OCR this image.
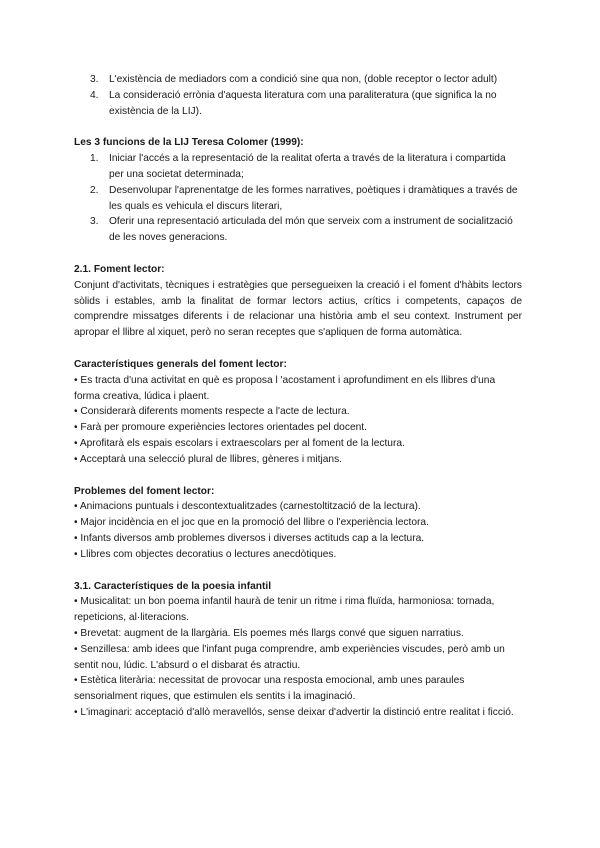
3.	L'existència de mediadors com a condició sine qua non, (doble receptor o lector adult)
4.	La consideració errònia d'aquesta literatura com una paraliteratura (que significa la no existència de la LIJ).
Les 3 funcions de la LIJ Teresa Colomer (1999):
1.	Iniciar l'accés a la representació de la realitat oferta a través de la literatura i compartida per una societat determinada;
2.	Desenvolupar l'aprenentatge de les formes narratives, poètiques i dramàtiques a través de les quals es vehicula el discurs literari,
3.	Oferir una representació articulada del món que serveix com a instrument de socialització de les noves generacions.
2.1. Foment lector:
Conjunt d'activitats, tècniques i estratègies que persegueixen la creació i el foment d'hàbits lectors sòlids i estables, amb la finalitat de formar lectors actius, crítics i competents, capaços de comprendre missatges diferents i de relacionar una història amb el seu context. Instrument per apropar el llibre al xiquet, però no seran receptes que s'apliquen de forma automàtica.
Característiques generals del foment lector:
• Es tracta d'una activitat en què es proposa l 'acostament i aprofundiment en els llibres d'una forma creativa, lúdica i plaent.
• Considerarà diferents moments respecte a l'acte de lectura.
• Farà per promoure experiències lectores orientades pel docent.
• Aprofitarà els espais escolars i extraescolars per al foment de la lectura.
• Acceptarà una selecció plural de llibres, gèneres i mitjans.
Problemes del foment lector:
• Animacions puntuals i descontextualitzades (carnestoltització de la lectura).
• Major incidència en el joc que en la promoció del llibre o l'experiència lectora.
• Infants diversos amb problemes diversos i diverses actituds cap a la lectura.
• Llibres com objectes decoratius o lectures anecdòtiques.
3.1. Característiques de la poesia infantil
• Musicalitat: un bon poema infantil haurà de tenir un ritme i rima fluïda, harmoniosa: tornada, repeticions, al·literacions.
• Brevetat: augment de la llargària. Els poemes més llargs convé que siguen narratius.
• Senzillesa: amb idees que l'infant puga comprendre, amb experiències viscudes, però amb un sentit nou, lúdic. L'absurd o el disbarat és atractiu.
• Estètica literària: necessitat de provocar una resposta emocional, amb unes paraules sensorialment riques, que estimulen els sentits i la imaginació.
• L'imaginari: acceptació d'allò meravellós, sense deixar d'advertir la distinció entre realitat i ficció.
